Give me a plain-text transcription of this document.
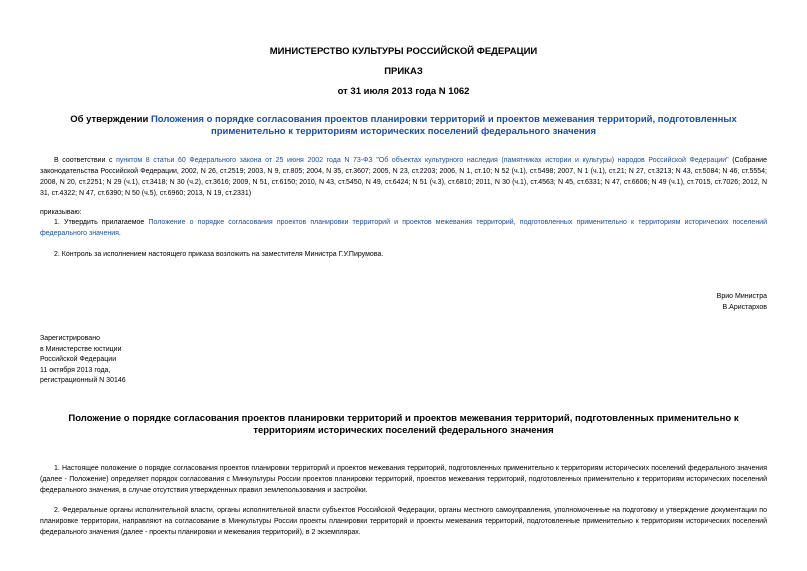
МИНИСТЕРСТВО КУЛЬТУРЫ РОССИЙСКОЙ ФЕДЕРАЦИИ
ПРИКАЗ
от 31 июля 2013 года N 1062
Об утверждении Положения о порядке согласования проектов планировки территорий и проектов межевания территорий, подготовленных применительно к территориям исторических поселений федерального значения
В соответствии с пунктом 8 статьи 60 Федерального закона от 25 июня 2002 года N 73-ФЗ "Об объектах культурного наследия (памятниках истории и культуры) народов Российской Федерации" (Собрание законодательства Российской Федерации, 2002, N 26, ст.2519; 2003, N 9, ст.805; 2004, N 35, ст.3607; 2005, N 23, ст.2203; 2006, N 1, ст.10; N 52 (ч.1), ст.5498; 2007, N 1 (ч.1), ст.21; N 27, ст.3213; N 43, ст.5084; N 46, ст.5554; 2008, N 20, ст.2251; N 29 (ч.1), ст.3418; N 30 (ч.2), ст.3616; 2009, N 51, ст.6150; 2010, N 43, ст.5450, N 49, ст.6424; N 51 (ч.3), ст.6810; 2011, N 30 (ч.1), ст.4563; N 45, ст.6331; N 47, ст.6606; N 49 (ч.1), ст.7015, ст.7026; 2012, N 31, ст.4322; N 47, ст.6390; N 50 (ч.5), ст.6960; 2013, N 19, ст.2331)
приказываю:
1. Утвердить прилагаемое Положение о порядке согласования проектов планировки территорий и проектов межевания территорий, подготовленных применительно к территориям исторических поселений федерального значения.
2. Контроль за исполнением настоящего приказа возложить на заместителя Министра Г.У.Пирумова.
Врио Министра
В.Аристархов
Зарегистрировано
в Министерстве юстиции
Российской Федерации
11 октября 2013 года,
регистрационный N 30146
Положение о порядке согласования проектов планировки территорий и проектов межевания территорий, подготовленных применительно к территориям исторических поселений федерального значения
1. Настоящее положение о порядке согласования проектов планировки территорий и проектов межевания территорий, подготовленных применительно к территориям исторических поселений федерального значения (далее - Положение) определяет порядок согласования с Минкультуры России проектов планировки территорий, проектов межевания территорий, подготовленных применительно к территориям исторических поселений федерального значения, в случае отсутствия утвержденных правил землепользования и застройки.
2. Федеральные органы исполнительной власти, органы исполнительной власти субъектов Российской Федерации, органы местного самоуправления, уполномоченные на подготовку и утверждение документации по планировке территории, направляют на согласование в Минкультуры России проекты планировки территорий и проекты межевания территорий, подготовленные применительно к территориям исторических поселений федерального значения (далее - проекты планировки и межевания территорий), в 2 экземплярах.
